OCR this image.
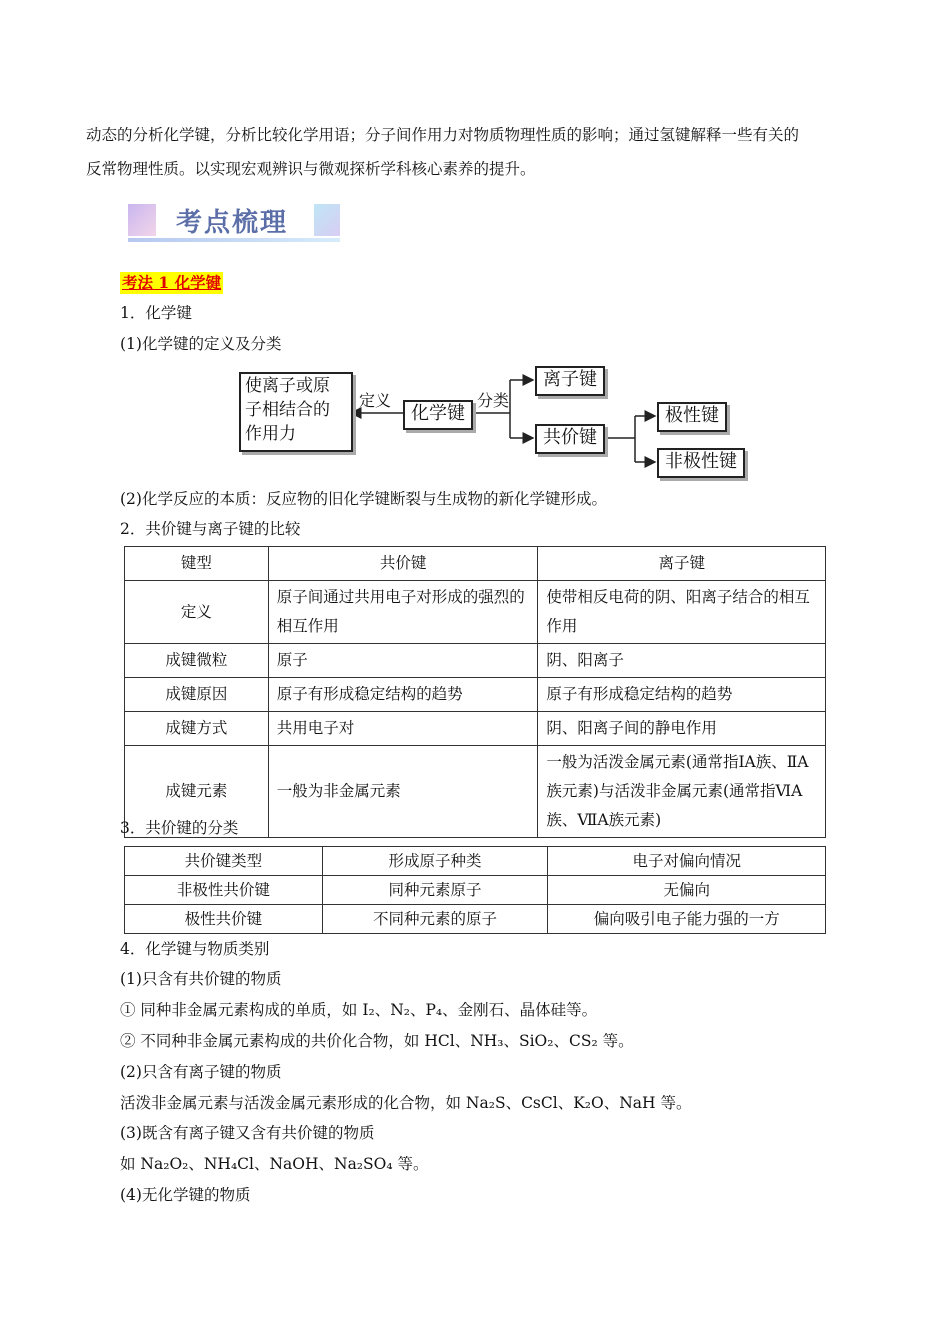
动态的分析化学键，分析比较化学用语；分子间作用力对物质物理性质的影响；通过氢键解释一些有关的
反常物理性质。以实现宏观辨识与微观探析学科核心素养的提升。
考点梳理
考法 1 化学键
1．化学键
(1)化学键的定义及分类
使离子或原
子相结合的
作用力
定义
化学键
分类
离子键
共价键
极性键
非极性键
(2)化学反应的本质：反应物的旧化学键断裂与生成物的新化学键形成。
2．共价键与离子键的比较
键型	共价键	离子键
定义	原子间通过共用电子对形成的强烈的相互作用	使带相反电荷的阴、阳离子结合的相互作用
成键微粒	原子	阴、阳离子
成键原因	原子有形成稳定结构的趋势	原子有形成稳定结构的趋势
成键方式	共用电子对	阴、阳离子间的静电作用
成键元素	一般为非金属元素	一般为活泼金属元素(通常指ⅠA族、ⅡA族元素)与活泼非金属元素(通常指ⅥA族、ⅦA族元素)
3．共价键的分类
共价键类型	形成原子种类	电子对偏向情况
非极性共价键	同种元素原子	无偏向
极性共价键	不同种元素的原子	偏向吸引电子能力强的一方
4．化学键与物质类别
(1)只含有共价键的物质
① 同种非金属元素构成的单质，如 I₂、N₂、P₄、金刚石、晶体硅等。
② 不同种非金属元素构成的共价化合物，如 HCl、NH₃、SiO₂、CS₂ 等。
(2)只含有离子键的物质
活泼非金属元素与活泼金属元素形成的化合物，如 Na₂S、CsCl、K₂O、NaH 等。
(3)既含有离子键又含有共价键的物质
如 Na₂O₂、NH₄Cl、NaOH、Na₂SO₄ 等。
(4)无化学键的物质
